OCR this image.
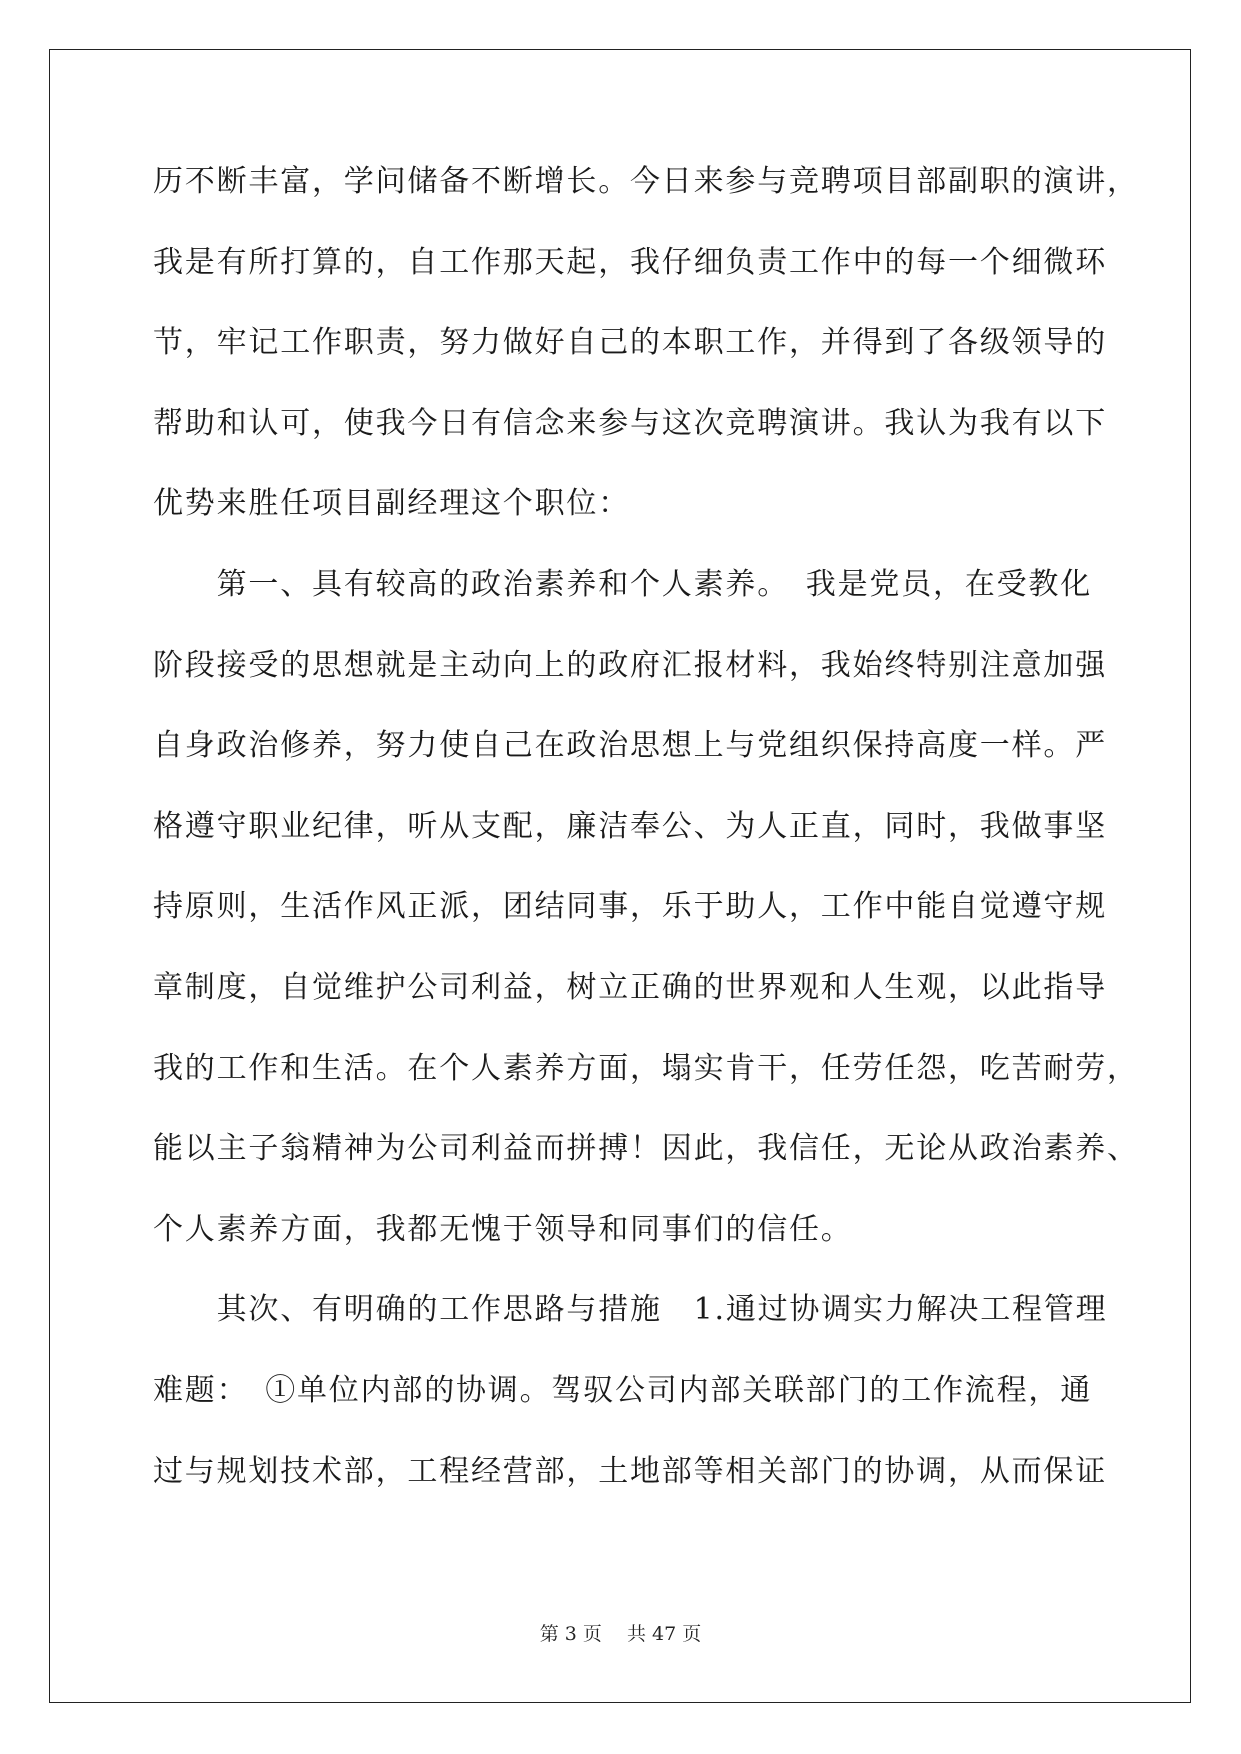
历不断丰富，学问储备不断增长。今日来参与竞聘项目部副职的演讲，
我是有所打算的，自工作那天起，我仔细负责工作中的每一个细微环
节，牢记工作职责，努力做好自己的本职工作，并得到了各级领导的
帮助和认可，使我今日有信念来参与这次竞聘演讲。我认为我有以下
优势来胜任项目副经理这个职位：
　　第一、具有较高的政治素养和个人素养。　我是党员，在受教化
阶段接受的思想就是主动向上的政府汇报材料，我始终特别注意加强
自身政治修养，努力使自己在政治思想上与党组织保持高度一样。严
格遵守职业纪律，听从支配，廉洁奉公、为人正直，同时，我做事坚
持原则，生活作风正派，团结同事，乐于助人，工作中能自觉遵守规
章制度，自觉维护公司利益，树立正确的世界观和人生观，以此指导
我的工作和生活。在个人素养方面，塌实肯干，任劳任怨，吃苦耐劳，
能以主子翁精神为公司利益而拼搏！因此，我信任，无论从政治素养、
个人素养方面，我都无愧于领导和同事们的信任。
　　其次、有明确的工作思路与措施　1.通过协调实力解决工程管理
难题：　①单位内部的协调。驾驭公司内部关联部门的工作流程，通
过与规划技术部，工程经营部，土地部等相关部门的协调，从而保证
第 3 页　 共 47 页
